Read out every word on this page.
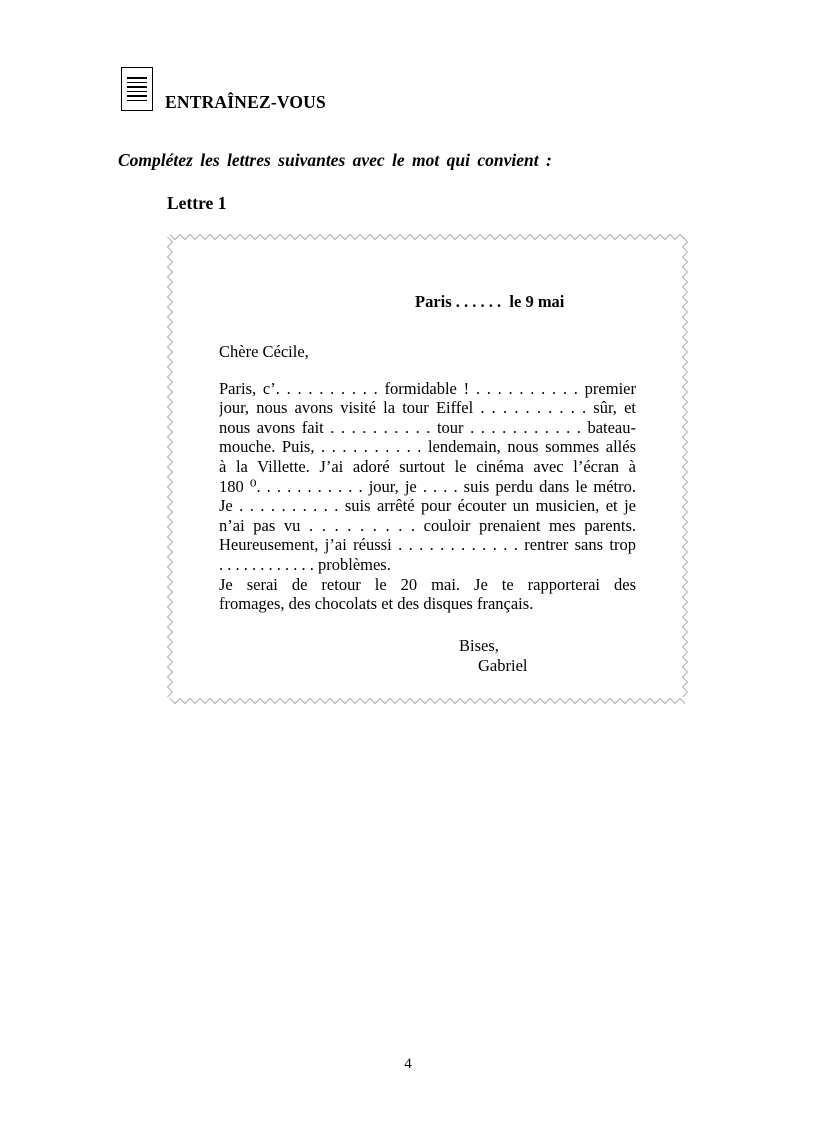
ENTRAÎNEZ-VOUS
Complétez les lettres suivantes avec le mot qui convient :
Lettre 1
Paris . . . . . .  le 9 mai
Chère Cécile,
Paris, c’. . . . . . . . . . formidable ! . . . . . . . . . . premier
jour, nous avons visité la tour Eiffel . . . . . . . . . . sûr, et
nous avons fait . . . . . . . . . . tour . . . . . . . . . . . bateau-
mouche. Puis, . . . . . . . . . . lendemain, nous sommes allés
à la Villette. J’ai adoré surtout le cinéma avec l’écran à
180 ⁰. . . . . . . . . . . jour, je . . . . suis perdu dans le métro.
Je . . . . . . . . . . suis arrêté pour écouter un musicien, et je
n’ai pas vu . . . . . . . . . couloir prenaient mes parents.
Heureusement, j’ai réussi . . . . . . . . . . . . rentrer sans trop
. . . . . . . . . . . . problèmes.
Je serai de retour le 20 mai. Je te rapporterai des
fromages, des chocolats et des disques français.
Bises,
Gabriel
4
